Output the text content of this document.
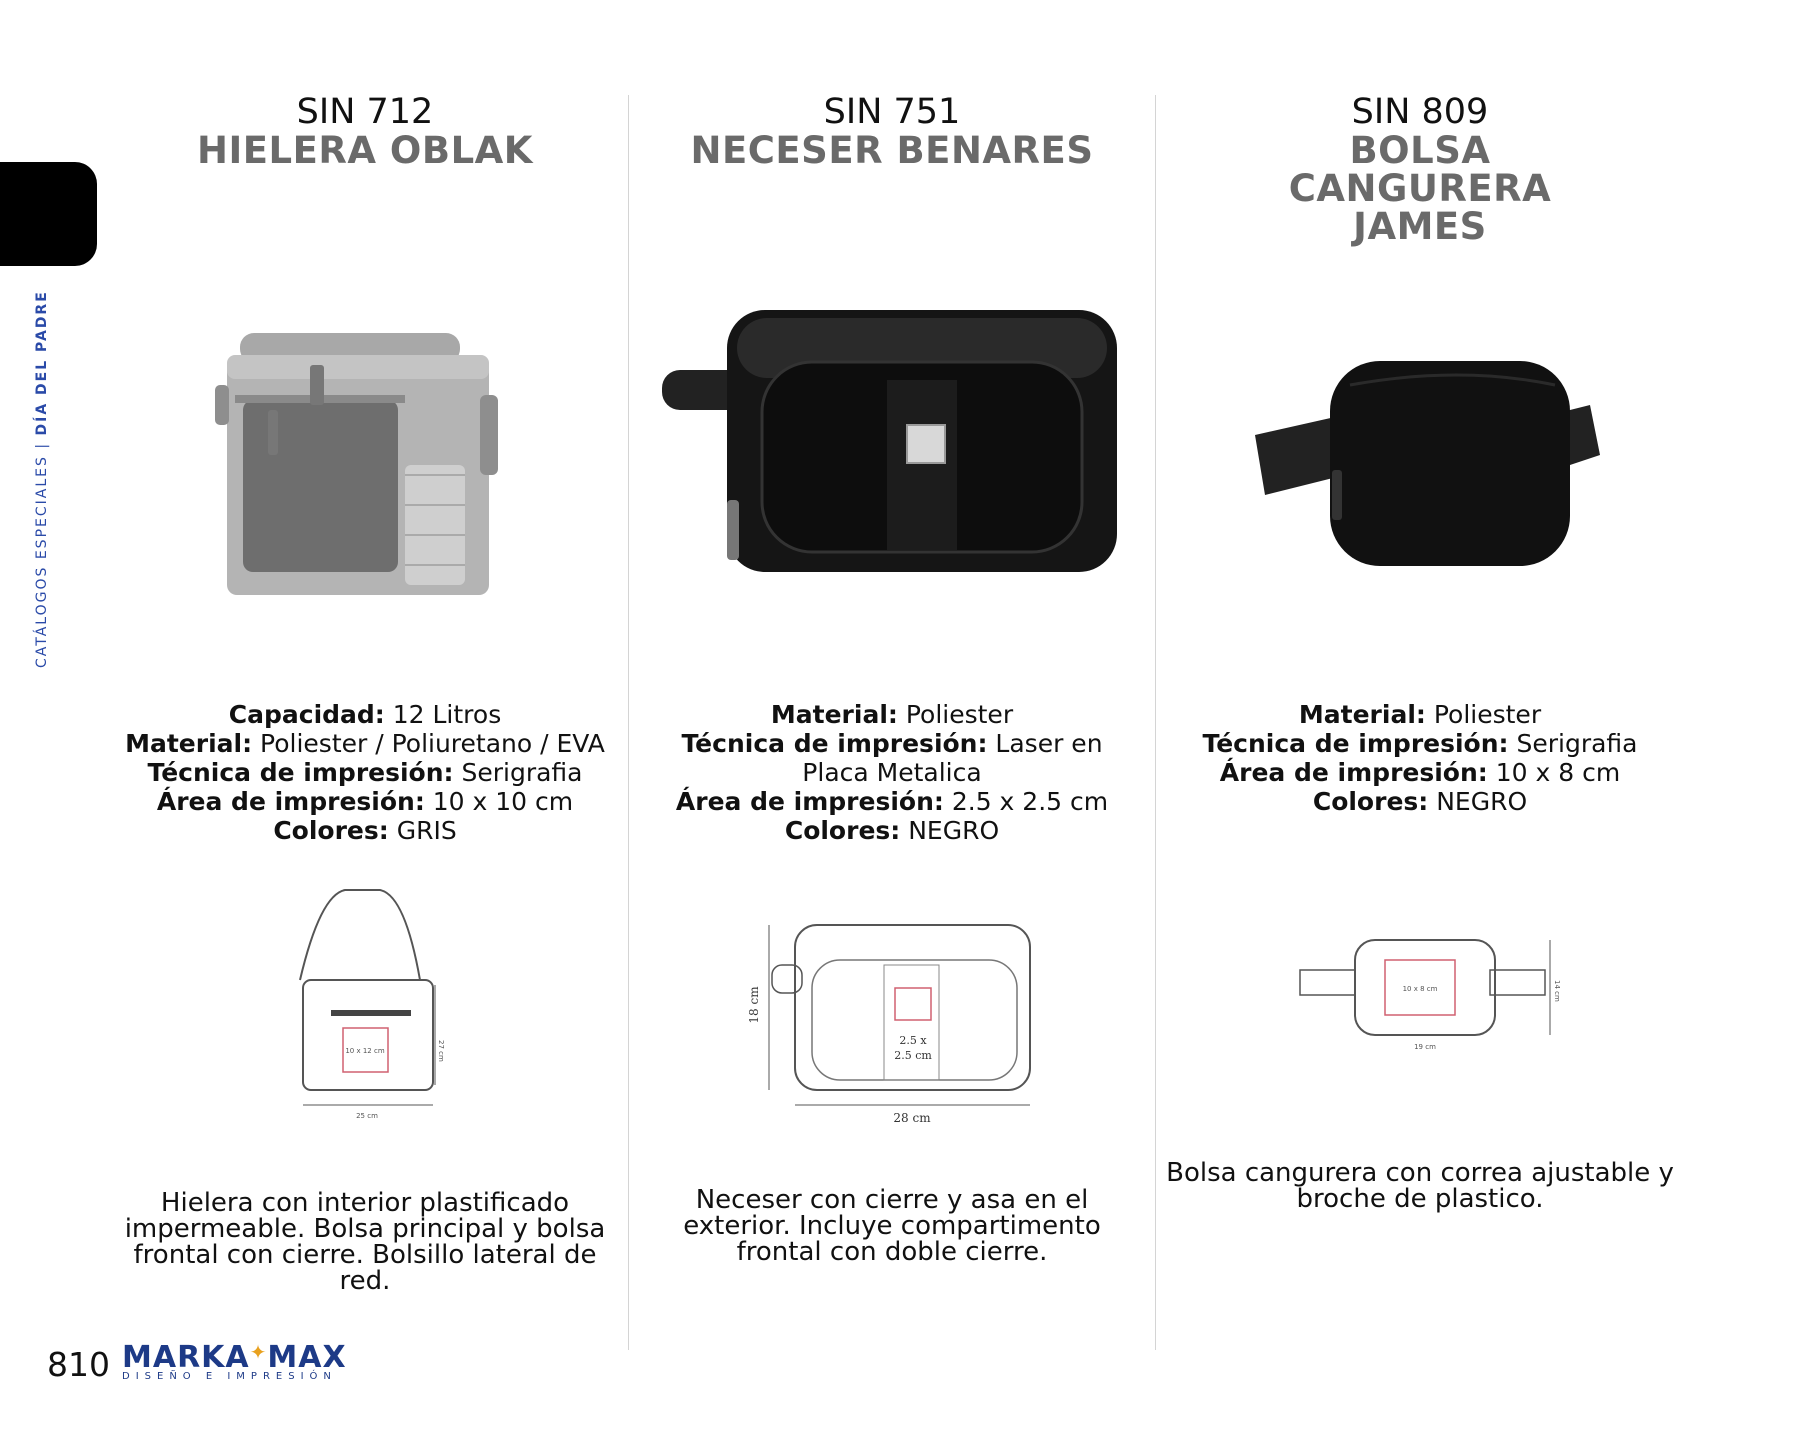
CATÁLOGOS ESPECIALES | DÍA DEL PADRE
SIN 712
HIELERA OBLAK
Capacidad: 12 Litros
Material: Poliester / Poliuretano / EVA
Técnica de impresión: Serigrafia
Área de impresión: 10 x 10 cm
Colores: GRIS
10 x 12 cm	27 cm
25 cm
Hielera con interior plastificado impermeable. Bolsa principal y bolsa frontal con cierre. Bolsillo lateral de red.
SIN 751
NECESER BENARES
Material: Poliester
Técnica de impresión: Laser en Placa Metalica
Área de impresión: 2.5 x 2.5 cm
Colores: NEGRO
2.5 x
2.5 cm
18 cm
28 cm
Neceser con cierre y asa en el exterior. Incluye compartimento frontal con doble cierre.
SIN 809
BOLSA CANGURERA JAMES
Material: Poliester
Técnica de impresión: Serigrafia
Área de impresión: 10 x 8 cm
Colores: NEGRO
10 x 8 cm	14 cm
19 cm
Bolsa cangurera con correa ajustable y broche de plastico.
810 MARKA✦MAX
DISEÑO E IMPRESIÓN
